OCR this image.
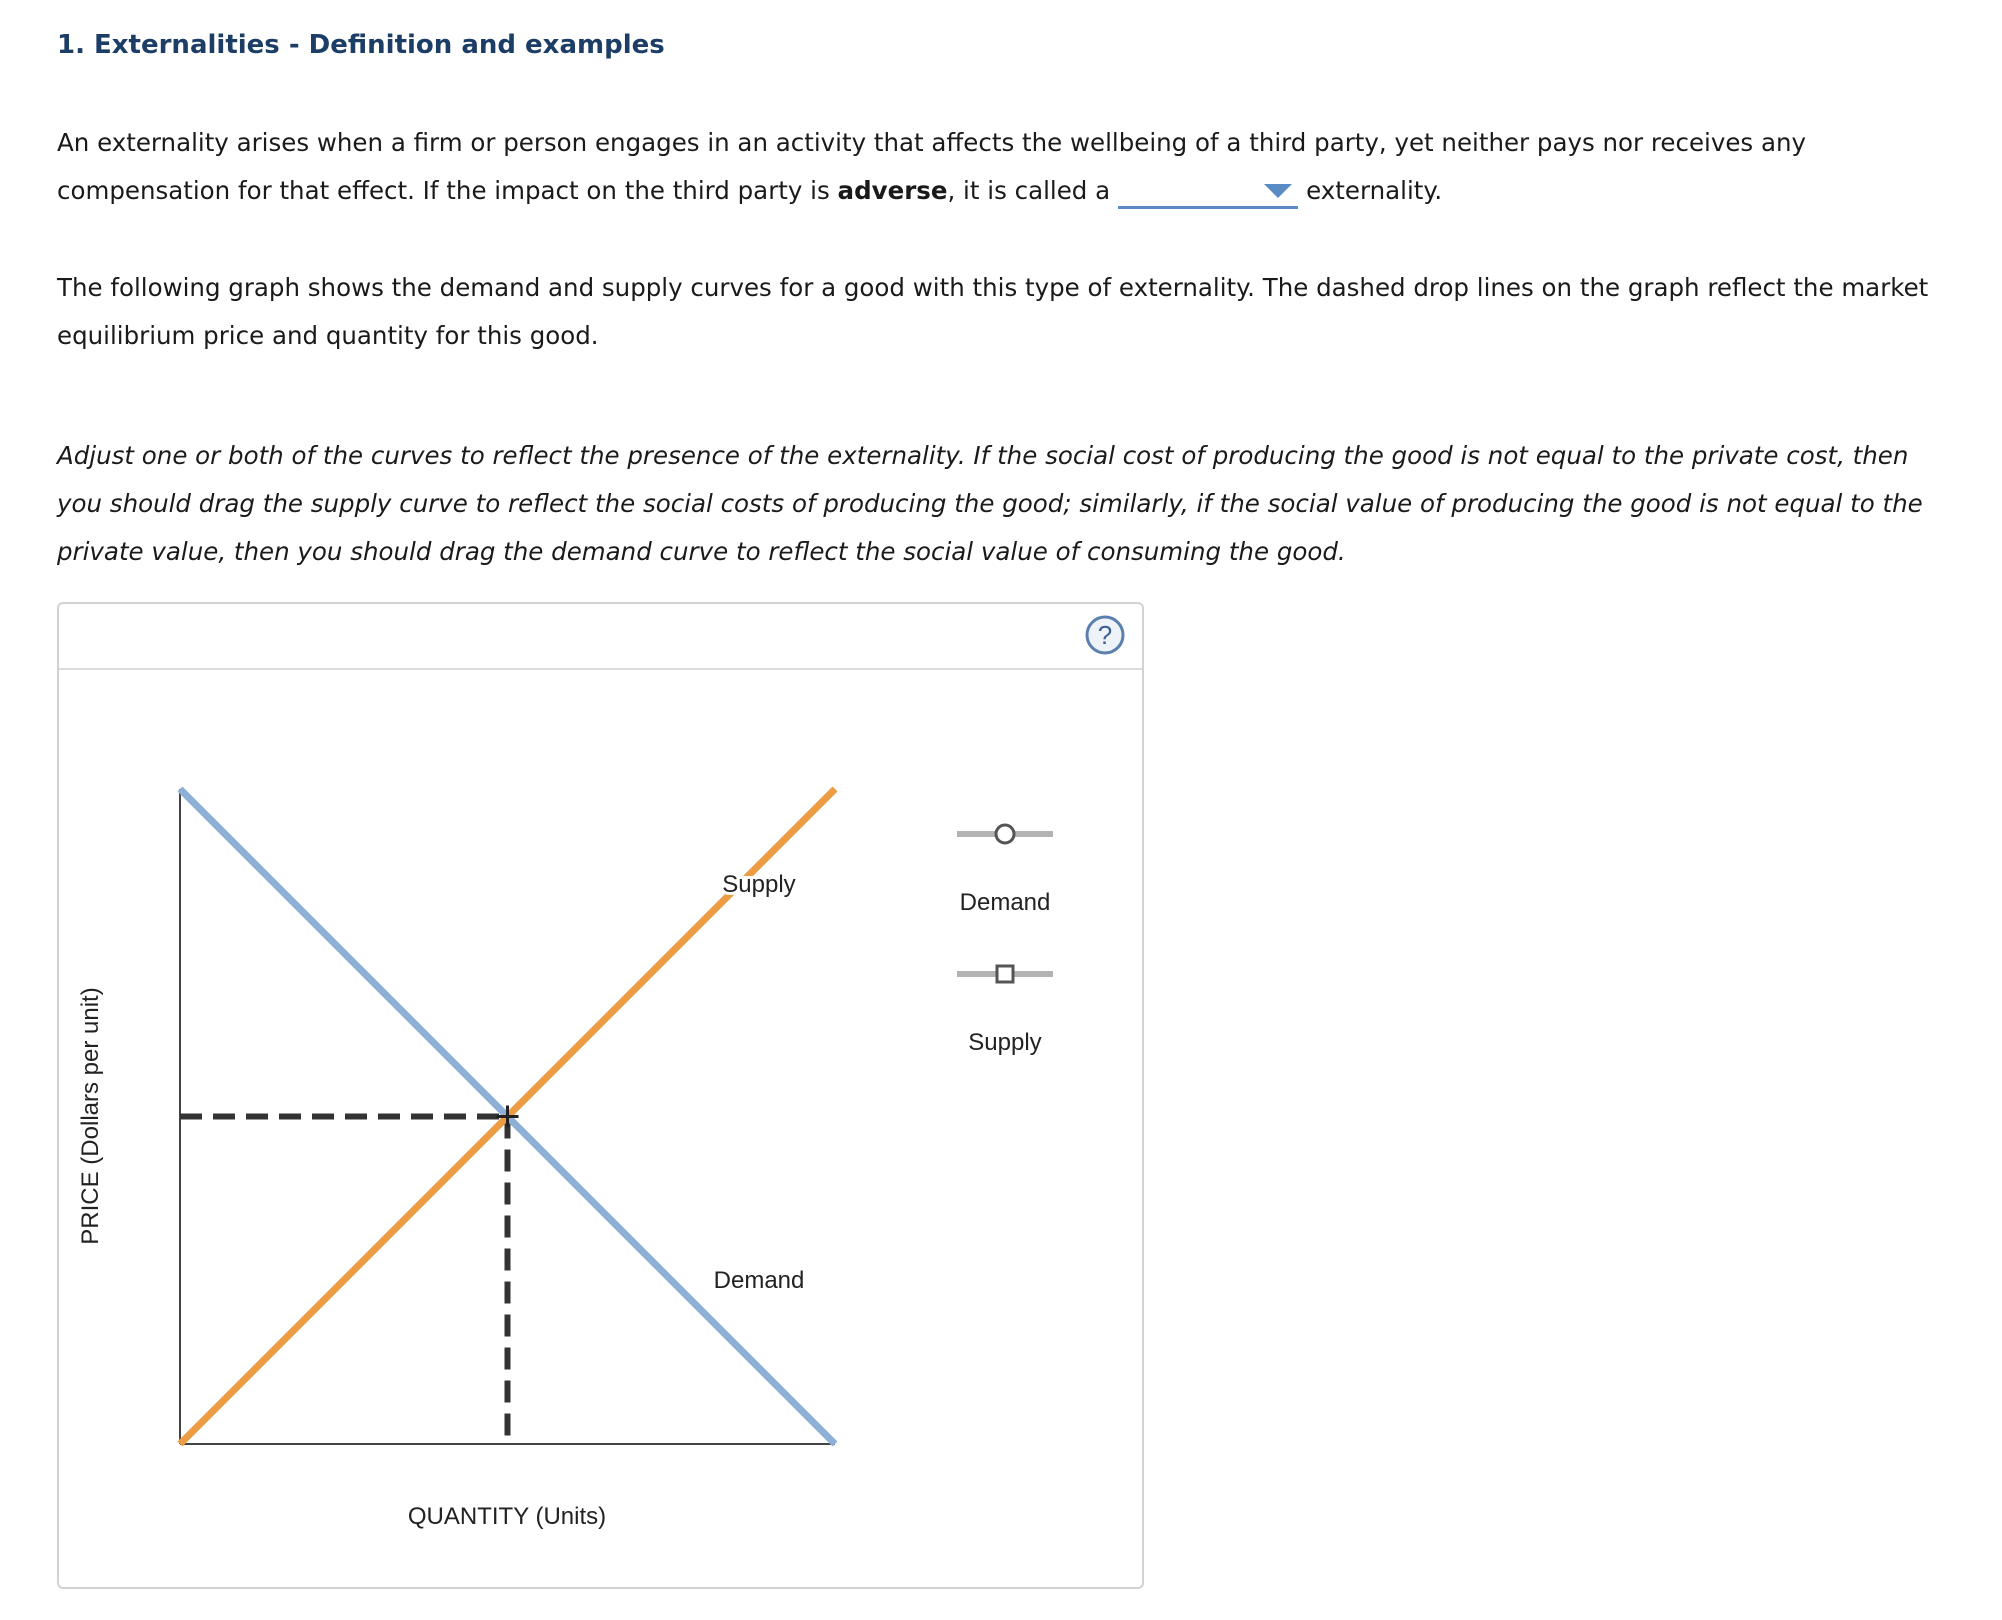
1. Externalities - Definition and examples

An externality arises when a firm or person engages in an activity that affects the wellbeing of a third party, yet neither pays nor receives any compensation for that effect. If the impact on the third party is adverse, it is called a	externality.

The following graph shows the demand and supply curves for a good with this type of externality. The dashed drop lines on the graph reflect the market equilibrium price and quantity for this good.

Adjust one or both of the curves to reflect the presence of the externality. If the social cost of producing the good is not equal to the private cost, then you should drag the supply curve to reflect the social costs of producing the good; similarly, if the social value of producing the good is not equal to the private value, then you should drag the demand curve to reflect the social value of consuming the good.

?
PRICE (Dollars per unit)
QUANTITY (Units)
Supply
Demand
Demand
Supply
